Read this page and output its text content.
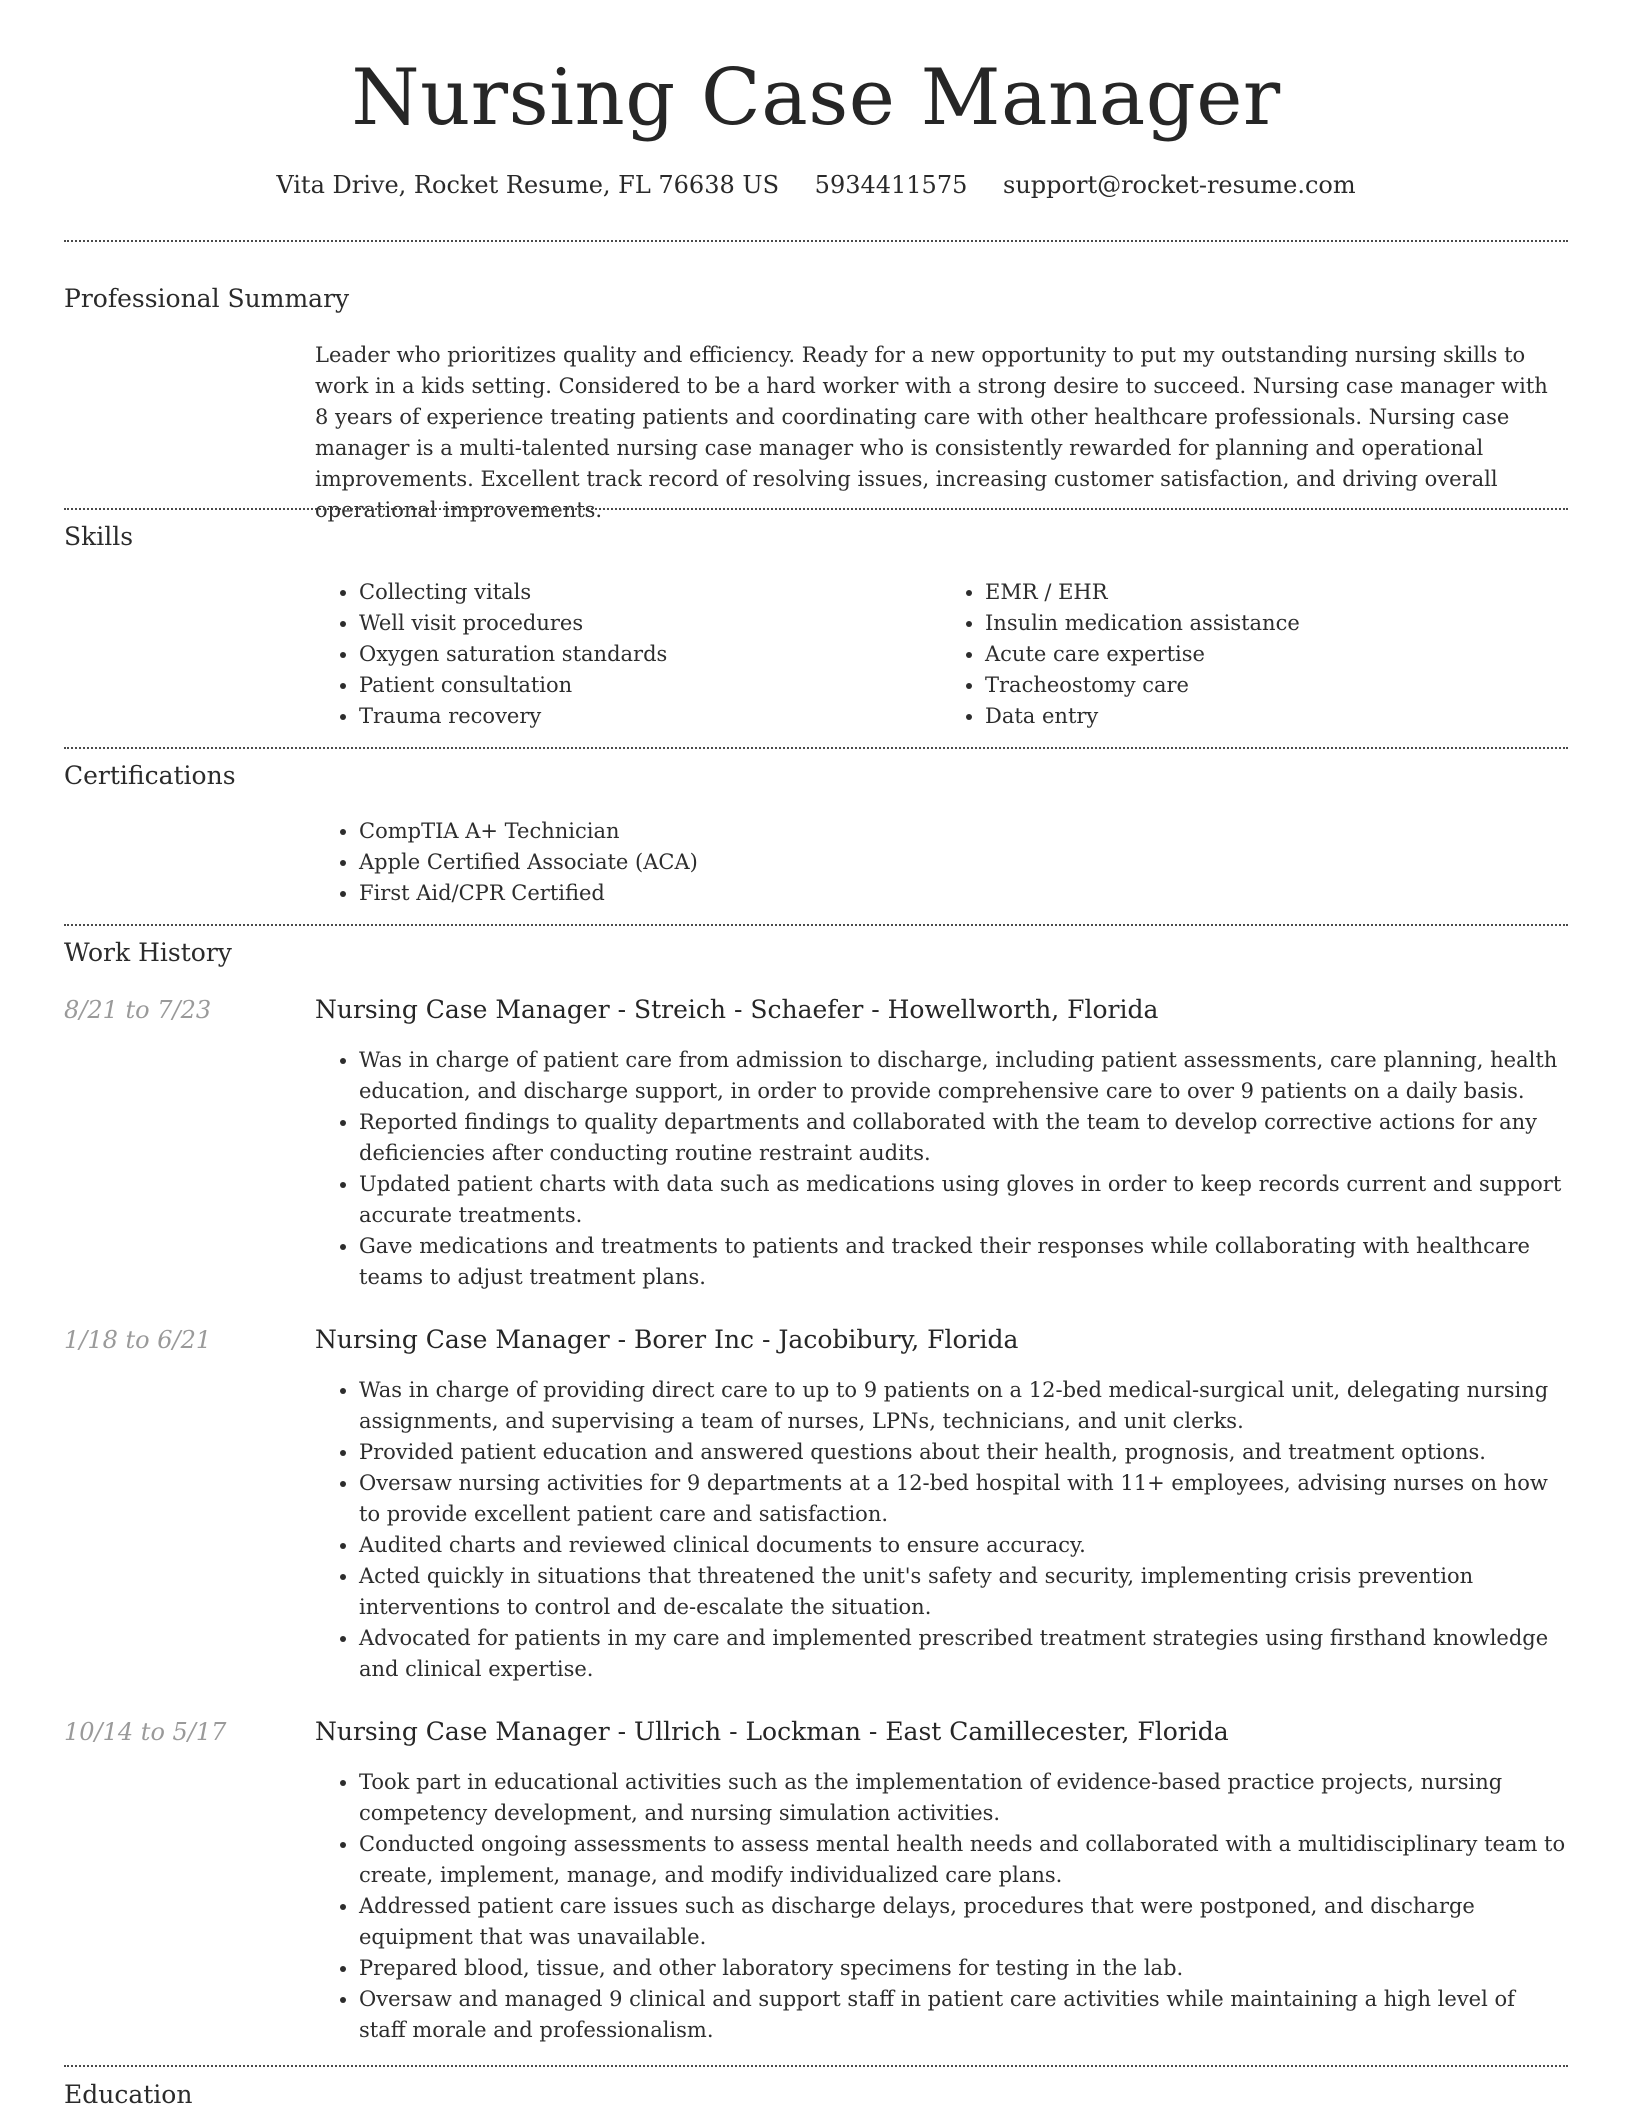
Nursing Case Manager
Vita Drive, Rocket Resume, FL 76638 US 5934411575 support@rocket-resume.com
Professional Summary

Leader who prioritizes quality and efficiency. Ready for a new opportunity to put my outstanding nursing skills to work in a kids setting. Considered to be a hard worker with a strong desire to succeed. Nursing case manager with 8 years of experience treating patients and coordinating care with other healthcare professionals. Nursing case manager is a multi-talented nursing case manager who is consistently rewarded for planning and operational improvements. Excellent track record of resolving issues, increasing customer satisfaction, and driving overall operational improvements.

Skills
• Collecting vitals
• Well visit procedures
• Oxygen saturation standards
• Patient consultation
• Trauma recovery
• EMR / EHR
• Insulin medication assistance
• Acute care expertise
• Tracheostomy care
• Data entry
Certifications
• CompTIA A+ Technician
• Apple Certified Associate (ACA)
• First Aid/CPR Certified
Work History
8/21 to 7/23	Nursing Case Manager - Streich - Schaefer - Howellworth, Florida
• Was in charge of patient care from admission to discharge, including patient assessments, care planning, health education, and discharge support, in order to provide comprehensive care to over 9 patients on a daily basis.
• Reported findings to quality departments and collaborated with the team to develop corrective actions for any deficiencies after conducting routine restraint audits.
• Updated patient charts with data such as medications using gloves in order to keep records current and support accurate treatments.
• Gave medications and treatments to patients and tracked their responses while collaborating with healthcare teams to adjust treatment plans.
1/18 to 6/21	Nursing Case Manager - Borer Inc - Jacobibury, Florida
• Was in charge of providing direct care to up to 9 patients on a 12-bed medical-surgical unit, delegating nursing assignments, and supervising a team of nurses, LPNs, technicians, and unit clerks.
• Provided patient education and answered questions about their health, prognosis, and treatment options.
• Oversaw nursing activities for 9 departments at a 12-bed hospital with 11+ employees, advising nurses on how to provide excellent patient care and satisfaction.
• Audited charts and reviewed clinical documents to ensure accuracy.
• Acted quickly in situations that threatened the unit's safety and security, implementing crisis prevention interventions to control and de-escalate the situation.
• Advocated for patients in my care and implemented prescribed treatment strategies using firsthand knowledge and clinical expertise.
10/14 to 5/17	Nursing Case Manager - Ullrich - Lockman - East Camillecester, Florida
• Took part in educational activities such as the implementation of evidence-based practice projects, nursing competency development, and nursing simulation activities.
• Conducted ongoing assessments to assess mental health needs and collaborated with a multidisciplinary team to create, implement, manage, and modify individualized care plans.
• Addressed patient care issues such as discharge delays, procedures that were postponed, and discharge equipment that was unavailable.
• Prepared blood, tissue, and other laboratory specimens for testing in the lab.
• Oversaw and managed 9 clinical and support staff in patient care activities while maintaining a high level of staff morale and professionalism.
Education
